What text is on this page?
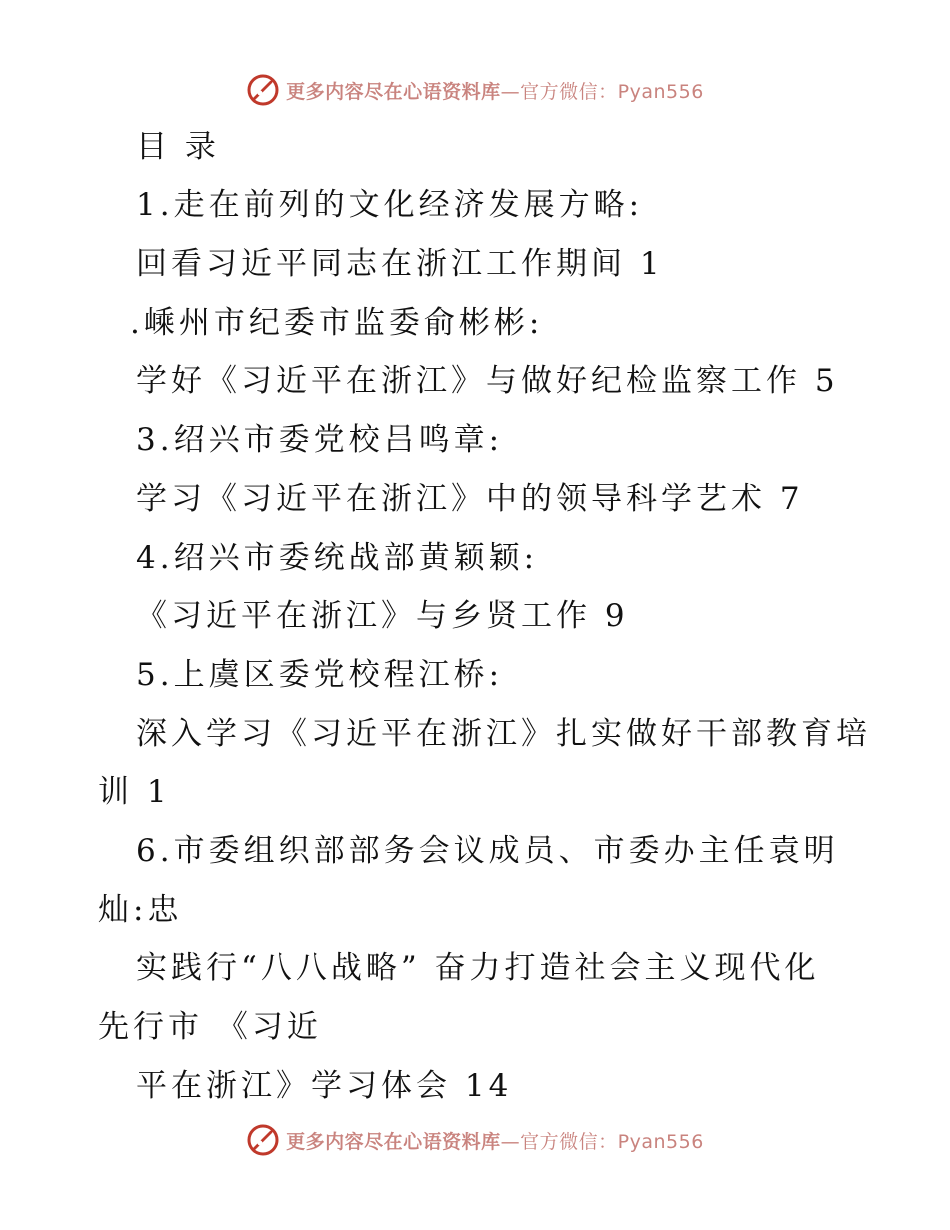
更多内容尽在心语资料库—官方微信：Pyan556
目 录
1.走在前列的文化经济发展方略:
回看习近平同志在浙江工作期间 1
.嵊州市纪委市监委俞彬彬:
学好《习近平在浙江》与做好纪检监察工作 5
3.绍兴市委党校吕鸣章:
学习《习近平在浙江》中的领导科学艺术 7
4.绍兴市委统战部黄颖颖:
《习近平在浙江》与乡贤工作 9
5.上虞区委党校程江桥:
深入学习《习近平在浙江》扎实做好干部教育培
训 1
6.市委组织部部务会议成员、市委办主任袁明
灿:忠
实践行“八八战略” 奋力打造社会主义现代化
先行市 《习近
平在浙江》学习体会 14
更多内容尽在心语资料库—官方微信：Pyan556
